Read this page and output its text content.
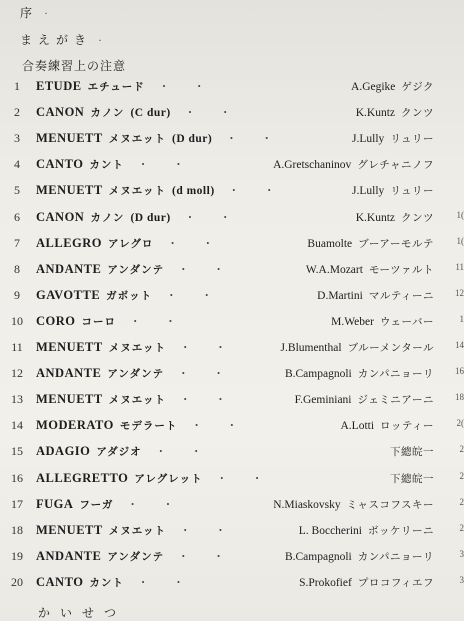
序 ·
まえがき ·
合奏練習上の注意
1	ETUDE エチュード · ·	A.Gegike ゲジク
2	CANON カノン (C dur) · ·	K.Kuntz クンツ
3	MENUETT メヌエット (D dur) · ·	J.Lully リュリー
4	CANTO カント · ·	A.Gretschaninov グレチャニノフ
5	MENUETT メヌエット (d moll) · ·	J.Lully リュリー
6	CANON カノン (D dur) · ·	K.Kuntz クンツ	1(
7	ALLEGRO アレグロ · ·	Buamolte ブーアーモルテ	1(
8	ANDANTE アンダンテ · ·	W.A.Mozart モーツァルト 11
9	GAVOTTE ガボット · ·	D.Martini マルティーニ 12
10 CORO コーロ · ·	M.Weber ウェーバー	1
11 MENUETT メヌエット · ·	J.Blumenthal ブルーメンタール 14
12 ANDANTE アンダンテ · ·	B.Campagnoli カンパニョーリ 16
13 MENUETT メヌエット · ·	F.Geminiani ジェミニアーニ 18
14 MODERATO モデラート · ·	A.Lotti ロッティー	2(
15 ADAGIO アダジオ · ·	下總皖一	2
16 ALLEGRETTO アレグレット · ·	下總皖一	2
17 FUGA フーガ · ·	N.Miaskovsky ミャスコフスキー	2
18 MENUETT メヌエット · ·	L. Boccherini ボッケリーニ	2
19 ANDANTE アンダンテ · ·	B.Campagnoli カンパニョーリ	3
20 CANTO カント · ·	S.Prokofief プロコフィエフ	3
かいせつ
